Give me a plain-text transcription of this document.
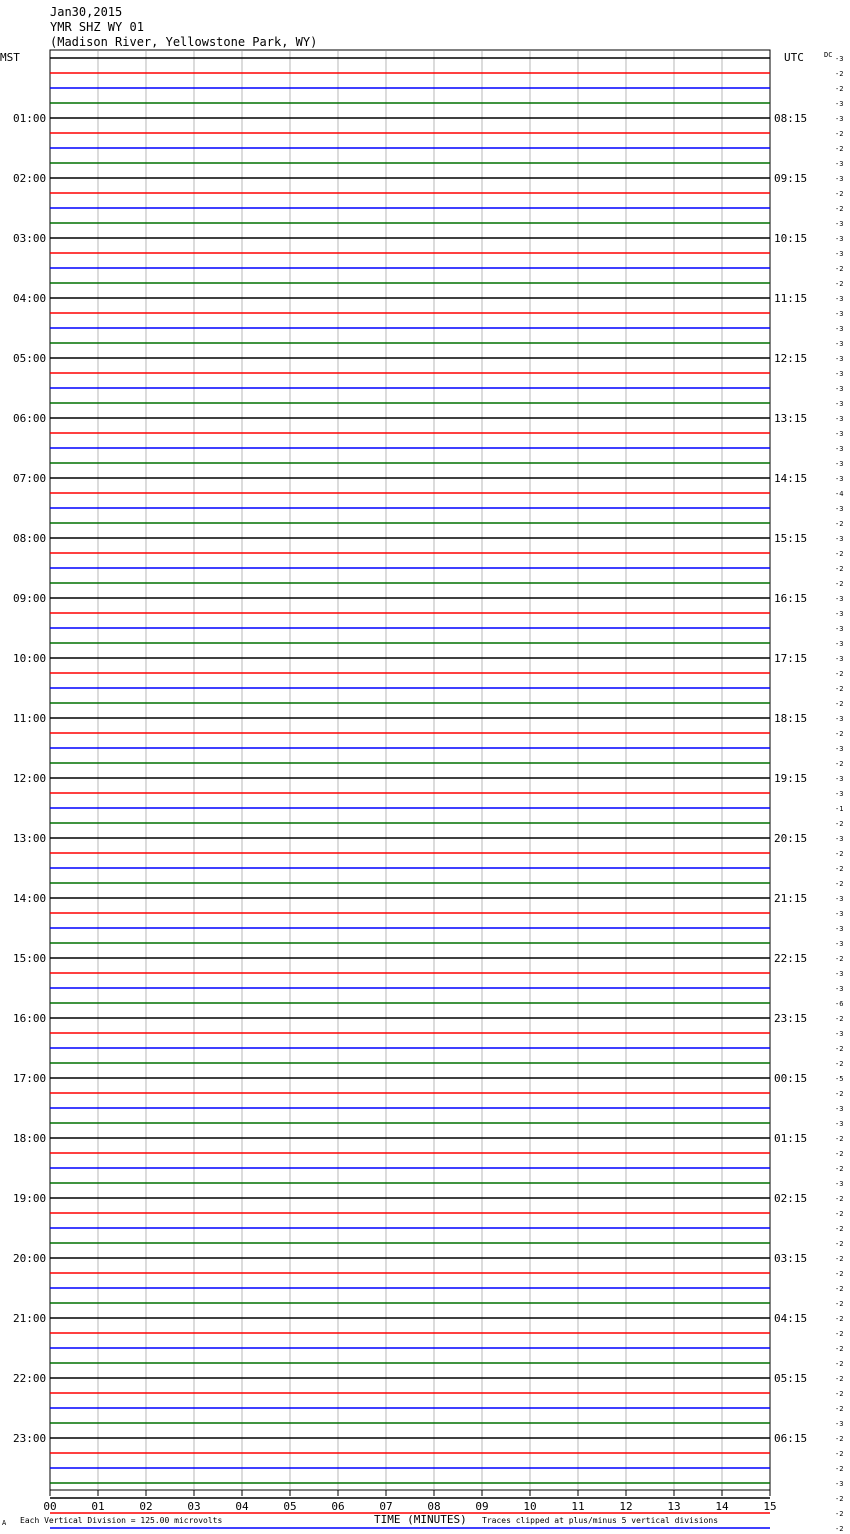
Jan30,2015
YMR SHZ WY 01
(Madison River, Yellowstone Park, WY)
MST	UTC	DC
01:00
02:00
03:00
04:00
05:00
06:00
07:00
08:00
09:00
10:00
11:00
12:00
13:00
14:00
15:00
16:00
17:00
18:00
19:00
20:00
21:00
22:00
23:00
08:15
09:15
10:15
11:15
12:15
13:15
14:15
15:15
16:15
17:15
18:15
19:15
20:15
21:15
22:15
23:15
00:15
01:15
02:15
03:15
04:15
05:15
06:15
-3
-2
-2
-3
-3
-2
-2
-3
-3
-2
-2
-3
-3
-3
-2
-2
-3
-3
-3
-3
-3
-3
-3
-3
-3
-3
-3
-3
-3
-4
-3
-2
-3
-2
-2
-2
-3
-3
-3
-3
-3
-2
-2
-2
-3
-2
-3
-2
-3
-3
-1
-2
-3
-2
-2
-2
-3
-3
-3
-3
-2
-3
-3
-6
-2
-3
-2
-2
-5
-2
-3
-3
-2
-2
-2
-3
-2
-2
-2
-2
-2
-2
-2
-2
-2
-2
-2
-2
-2
-2
-2
-3
-2
-2
-2
-3
-2
-2
-2
00	01	02	03	04	05	06	07	08	09	10	11	12	13	14	15
A Each Vertical Division = 125.00 microvolts	TIME (MINUTES) Traces clipped at plus/minus 5 vertical divisions
